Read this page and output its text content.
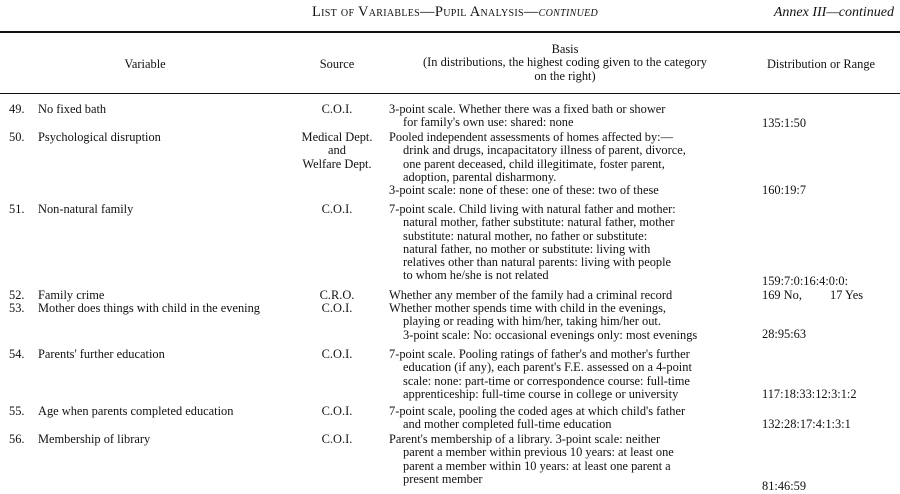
List of Variables—Pupil Analysis—continued	Annex III—continued
Variable	Source
Basis
(In distributions, the highest coding given to the category
on the right)
Distribution or Range
49.	No fixed bath	C.O.I.	3-point scale. Whether there was a fixed bath or shower
for family's own use: shared: none	135:1:50
50.	Psychological disruption	Medical Dept.
and
Welfare Dept.
Pooled independent assessments of homes affected by:—
drink and drugs, incapacitatory illness of parent, divorce,
one parent deceased, child illegitimate, foster parent,
adoption, parental disharmony.
3-point scale: none of these: one of these: two of these	160:19:7
51.	Non-natural family	C.O.I.	7-point scale. Child living with natural father and mother:
natural mother, father substitute: natural father, mother
substitute: natural mother, no father or substitute:
natural father, no mother or substitute: living with
relatives other than natural parents: living with people
to whom he/she is not related	159:7:0:16:4:0:0:
52.	Family crime	C.R.O.	Whether any member of the family had a criminal record	169 No, 17 Yes
53.	Mother does things with child in the evening	C.O.I.	Whether mother spends time with child in the evenings,
playing or reading with him/her, taking him/her out.
3-point scale: No: occasional evenings only: most evenings	28:95:63
54.	Parents' further education	C.O.I.	7-point scale. Pooling ratings of father's and mother's further
education (if any), each parent's F.E. assessed on a 4-point
scale: none: part-time or correspondence course: full-time
apprenticeship: full-time course in college or university	117:18:33:12:3:1:2
55.	Age when parents completed education	C.O.I.	7-point scale, pooling the coded ages at which child's father
and mother completed full-time education	132:28:17:4:1:3:1
56.	Membership of library	C.O.I.	Parent's membership of a library. 3-point scale: neither
parent a member within previous 10 years: at least one
parent a member within 10 years: at least one parent a
present member
81:46:59
